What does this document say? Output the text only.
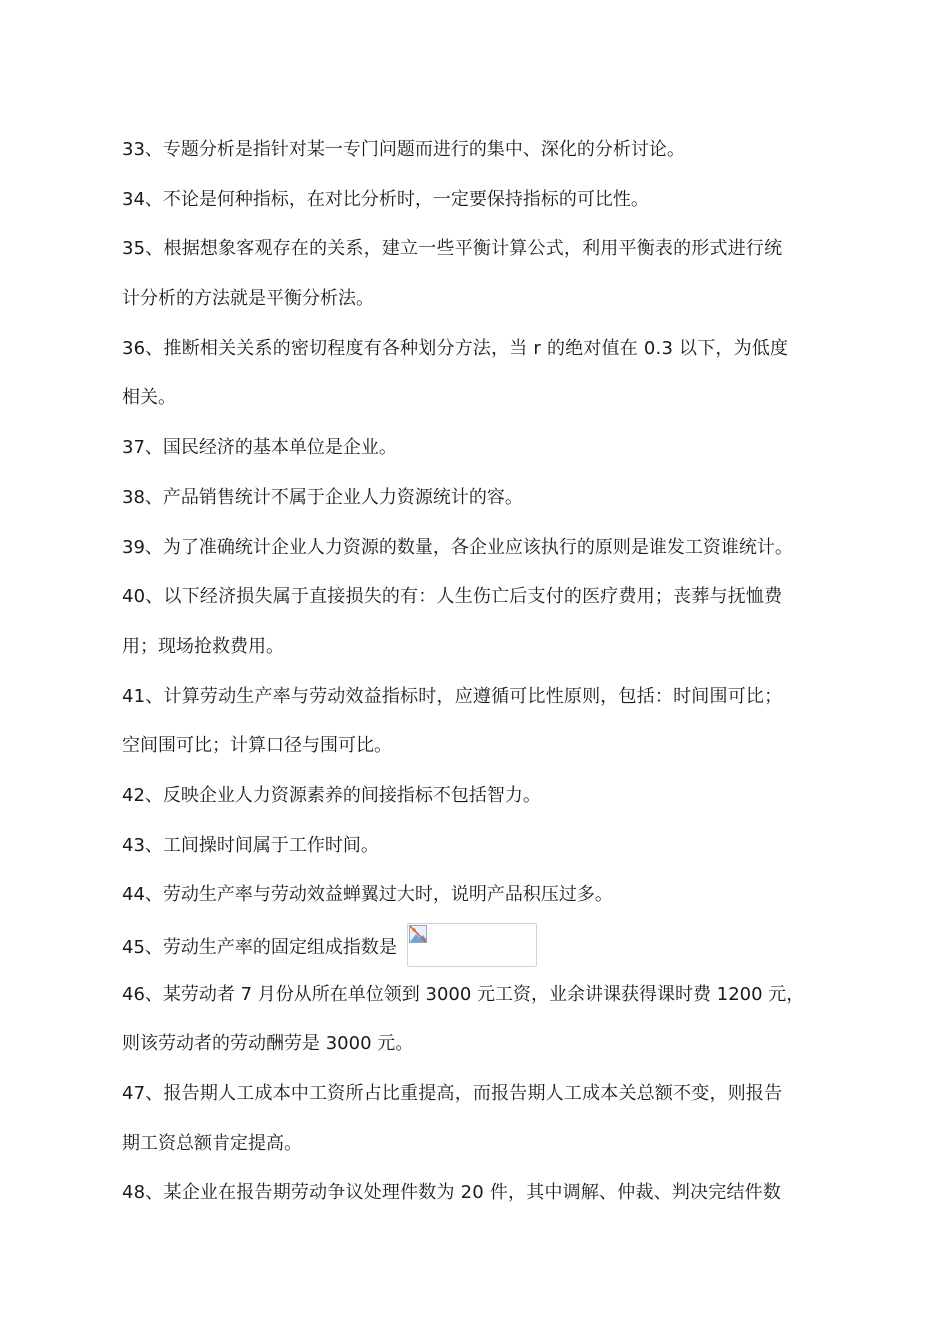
33、专题分析是指针对某一专门问题而进行的集中、深化的分析讨论。
34、不论是何种指标，在对比分析时，一定要保持指标的可比性。
35、根据想象客观存在的关系，建立一些平衡计算公式，利用平衡表的形式进行统
计分析的方法就是平衡分析法。
36、推断相关关系的密切程度有各种划分方法，当 r 的绝对值在 0.3 以下，为低度
相关。
37、国民经济的基本单位是企业。
38、产品销售统计不属于企业人力资源统计的容。
39、为了准确统计企业人力资源的数量，各企业应该执行的原则是谁发工资谁统计。
40、以下经济损失属于直接损失的有：人生伤亡后支付的医疗费用；丧葬与抚恤费
用；现场抢救费用。
41、计算劳动生产率与劳动效益指标时，应遵循可比性原则，包括：时间围可比；
空间围可比；计算口径与围可比。
42、反映企业人力资源素养的间接指标不包括智力。
43、工间操时间属于工作时间。
44、劳动生产率与劳动效益蝉翼过大时，说明产品积压过多。
45、劳动生产率的固定组成指数是
46、某劳动者 7 月份从所在单位领到 3000 元工资，业余讲课获得课时费 1200 元，
则该劳动者的劳动酬劳是 3000 元。
47、报告期人工成本中工资所占比重提高，而报告期人工成本关总额不变，则报告
期工资总额肯定提高。
48、某企业在报告期劳动争议处理件数为 20 件，其中调解、仲裁、判决完结件数
